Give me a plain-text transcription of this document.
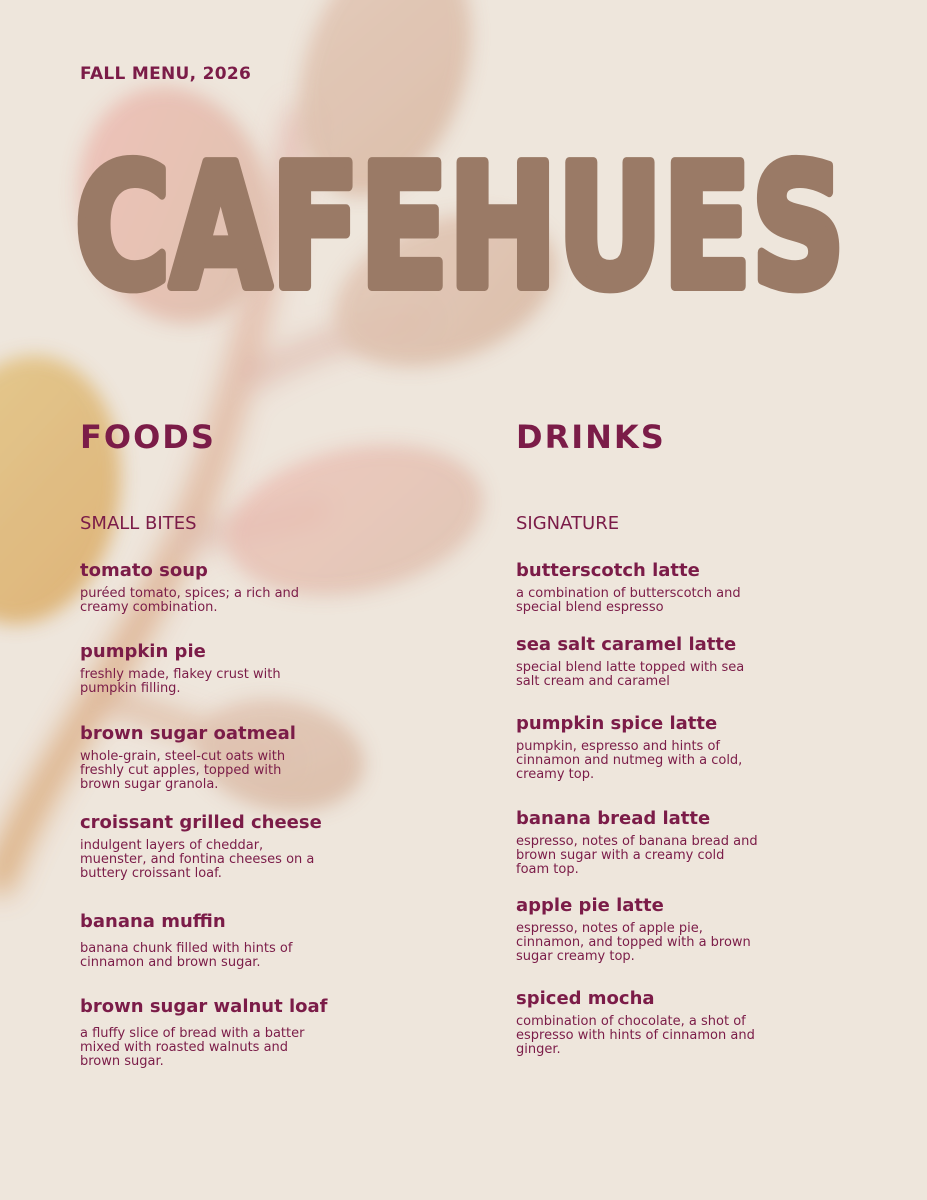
FALL MENU, 2026
CAFEHUES
FOODS	DRINKS
SMALL BITES	SIGNATURE
tomato soup
puréed tomato, spices; a rich and creamy combination.
pumpkin pie
freshly made, flakey crust with pumpkin filling.
brown sugar oatmeal
whole-grain, steel-cut oats with freshly cut apples, topped with brown sugar granola.
croissant grilled cheese
indulgent layers of cheddar, muenster, and fontina cheeses on a buttery croissant loaf.
banana muffin
banana chunk filled with hints of cinnamon and brown sugar.
brown sugar walnut loaf
a fluffy slice of bread with a batter mixed with roasted walnuts and brown sugar.
butterscotch latte
a combination of butterscotch and special blend espresso
sea salt caramel latte
special blend latte topped with sea salt cream and caramel
pumpkin spice latte
pumpkin, espresso and hints of cinnamon and nutmeg with a cold, creamy top.
banana bread latte
espresso, notes of banana bread and brown sugar with a creamy cold foam top.
apple pie latte
espresso, notes of apple pie, cinnamon, and topped with a brown sugar creamy top.
spiced mocha
combination of chocolate, a shot of espresso with hints of cinnamon and ginger.
